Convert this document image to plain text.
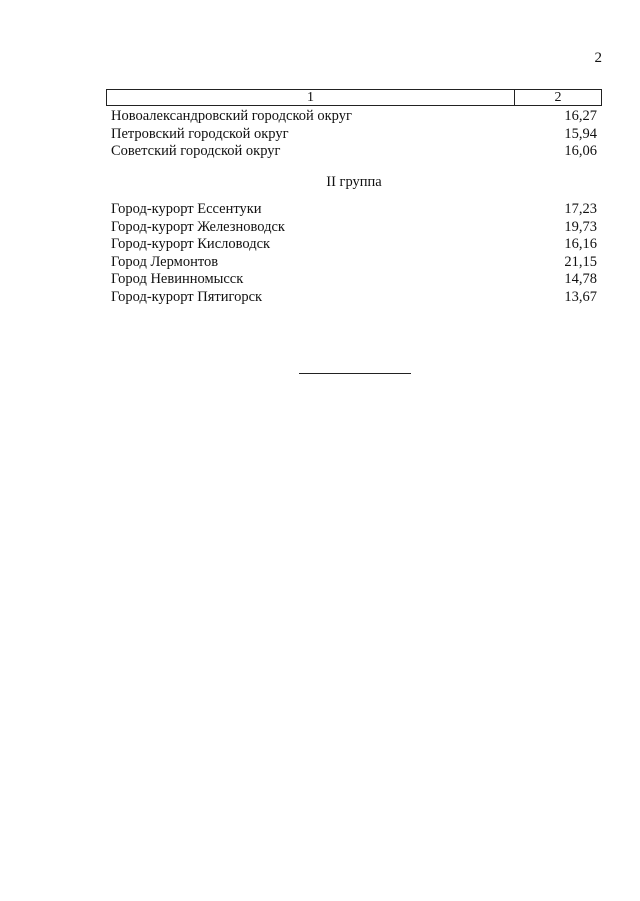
2
1	2
Новоалександровский городской округ	16,27
Петровский городской округ	15,94
Советский городской округ	16,06
II группа
Город-курорт Ессентуки	17,23
Город-курорт Железноводск	19,73
Город-курорт Кисловодск	16,16
Город Лермонтов	21,15
Город Невинномысск	14,78
Город-курорт Пятигорск	13,67
